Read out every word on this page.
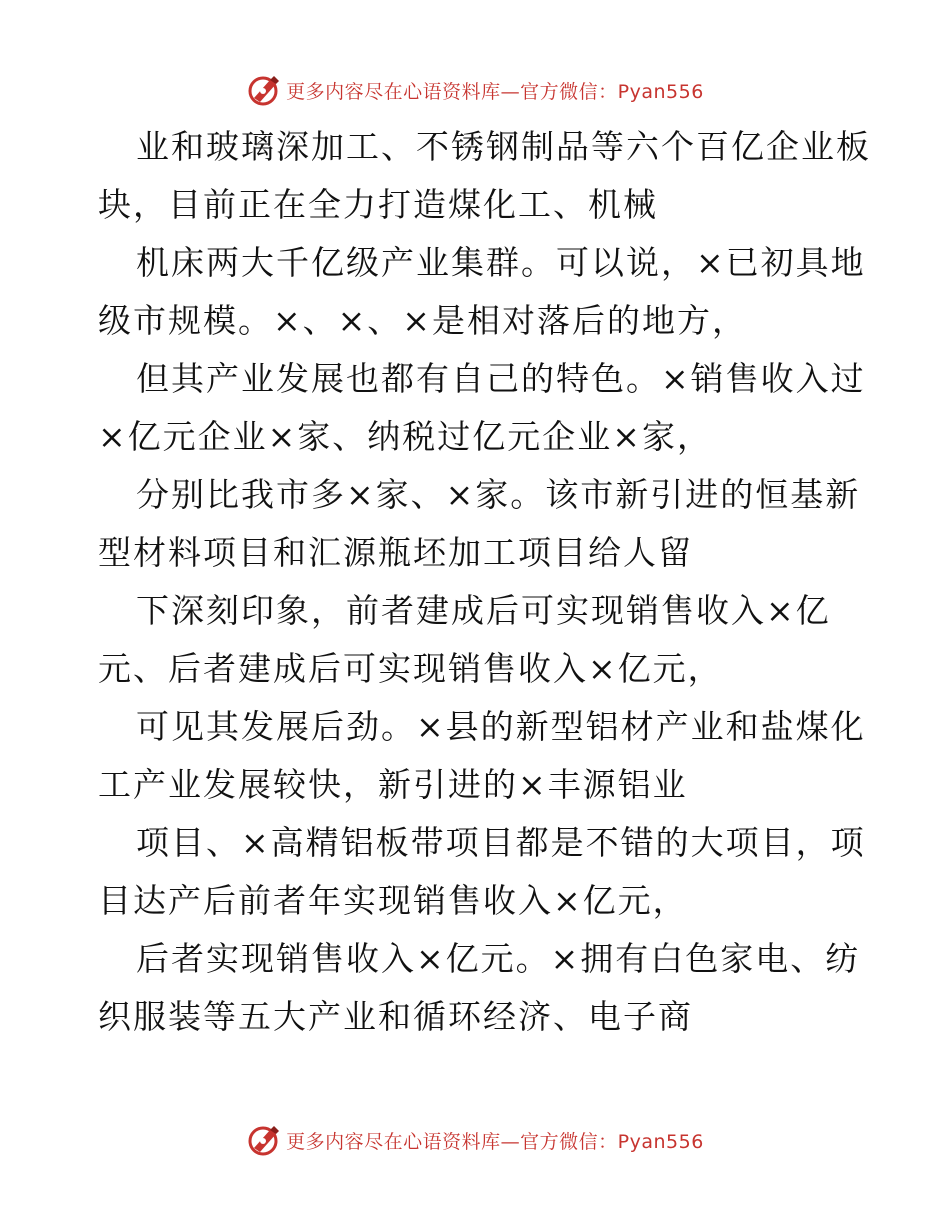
更多内容尽在心语资料库—官方微信：Pyan556
业和玻璃深加工、不锈钢制品等六个百亿企业板
块，目前正在全力打造煤化工、机械
机床两大千亿级产业集群。可以说，×已初具地
级市规模。×、×、×是相对落后的地方，
但其产业发展也都有自己的特色。×销售收入过
×亿元企业×家、纳税过亿元企业×家，
分别比我市多×家、×家。该市新引进的恒基新
型材料项目和汇源瓶坯加工项目给人留
下深刻印象，前者建成后可实现销售收入×亿
元、后者建成后可实现销售收入×亿元，
可见其发展后劲。×县的新型铝材产业和盐煤化
工产业发展较快，新引进的×丰源铝业
项目、×高精铝板带项目都是不错的大项目，项
目达产后前者年实现销售收入×亿元，
后者实现销售收入×亿元。×拥有白色家电、纺
织服装等五大产业和循环经济、电子商
更多内容尽在心语资料库—官方微信：Pyan556
